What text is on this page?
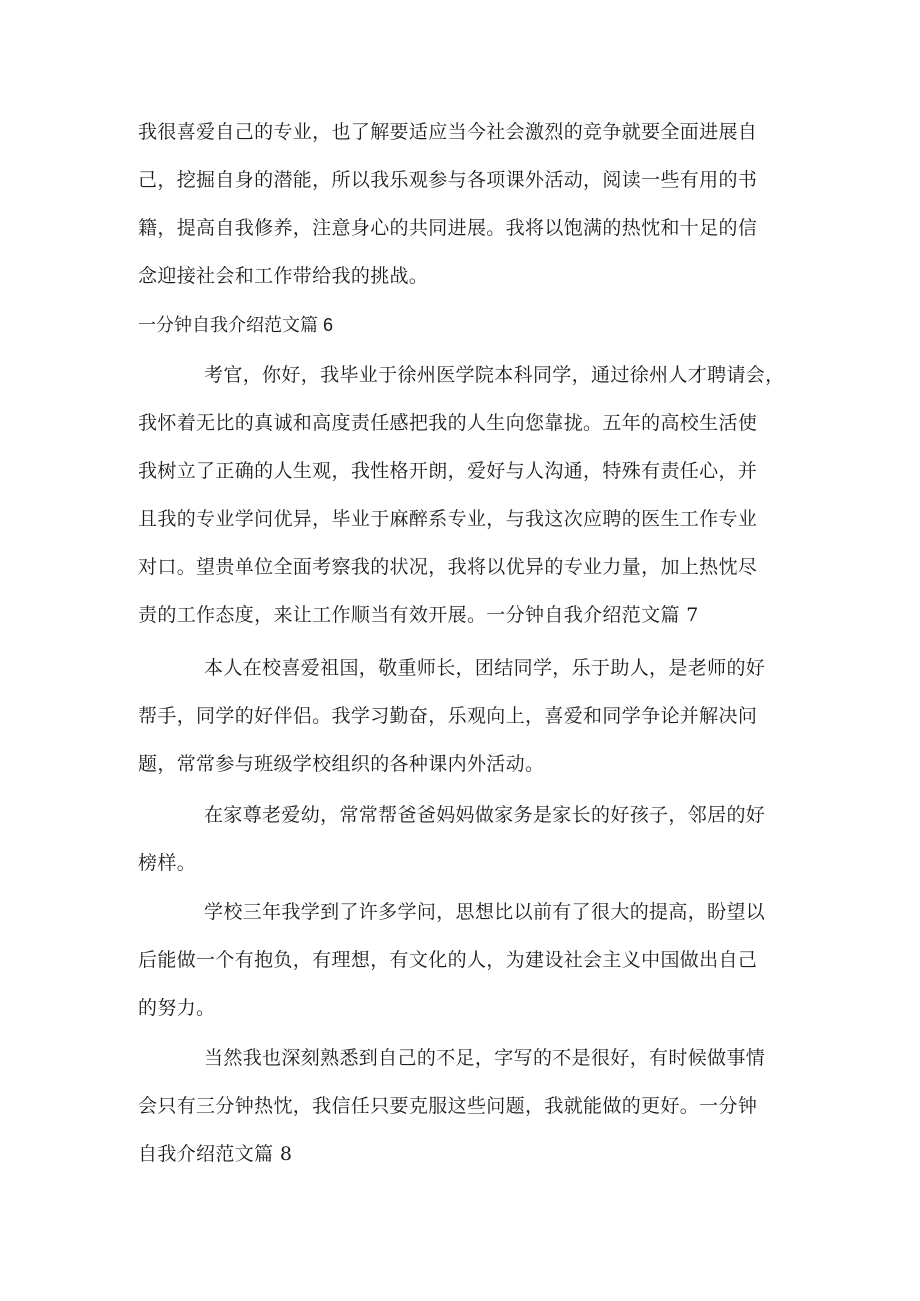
我很喜爱自己的专业，也了解要适应当今社会激烈的竞争就要全面进展自
己，挖掘自身的潜能，所以我乐观参与各项课外活动，阅读一些有用的书
籍，提高自我修养，注意身心的共同进展。我将以饱满的热忱和十足的信
念迎接社会和工作带给我的挑战。
一分钟自我介绍范文篇 6
考官，你好，我毕业于徐州医学院本科同学，通过徐州人才聘请会，
我怀着无比的真诚和高度责任感把我的人生向您靠拢。五年的高校生活使
我树立了正确的人生观，我性格开朗，爱好与人沟通，特殊有责任心，并
且我的专业学问优异，毕业于麻醉系专业，与我这次应聘的医生工作专业
对口。望贵单位全面考察我的状况，我将以优异的专业力量，加上热忱尽
责的工作态度，来让工作顺当有效开展。一分钟自我介绍范文篇 7
本人在校喜爱祖国，敬重师长，团结同学，乐于助人，是老师的好
帮手，同学的好伴侣。我学习勤奋，乐观向上，喜爱和同学争论并解决问
题，常常参与班级学校组织的各种课内外活动。
在家尊老爱幼，常常帮爸爸妈妈做家务是家长的好孩子，邻居的好
榜样。
学校三年我学到了许多学问，思想比以前有了很大的提高，盼望以
后能做一个有抱负，有理想，有文化的人，为建设社会主义中国做出自己
的努力。
当然我也深刻熟悉到自己的不足，字写的不是很好，有时候做事情
会只有三分钟热忱，我信任只要克服这些问题，我就能做的更好。一分钟
自我介绍范文篇 8
